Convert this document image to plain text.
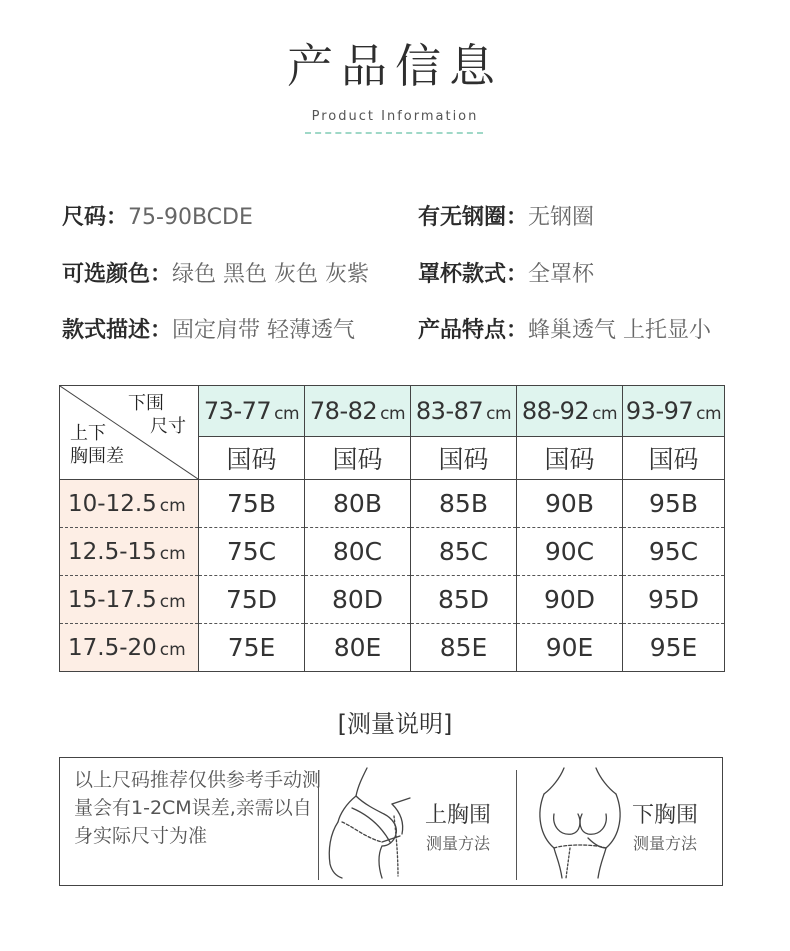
产品信息
Product Information
尺码：75-90BCDE	有无钢圈：无钢圈
可选颜色：绿色 黑色 灰色 灰紫 罩杯款式：全罩杯
款式描述：固定肩带 轻薄透气	产品特点：蜂巢透气 上托显小
下围
尺寸
上下
胸围差	73-77 cm	78-82 cm	83-87 cm	88-92 cm	93-97 cm
	国码	国码	国码	国码	国码
10-12.5 cm	75B	80B	85B	90B	95B
12.5-15 cm	75C	80C	85C	90C	95C
15-17.5 cm	75D	80D	85D	90D	95D
17.5-20 cm	75E	80E	85E	90E	95E
[测量说明]
以上尺码推荐仅供参考手动测量会有1-2CM误差,亲需以自身实际尺寸为准
上胸围
测量方法
下胸围
测量方法
